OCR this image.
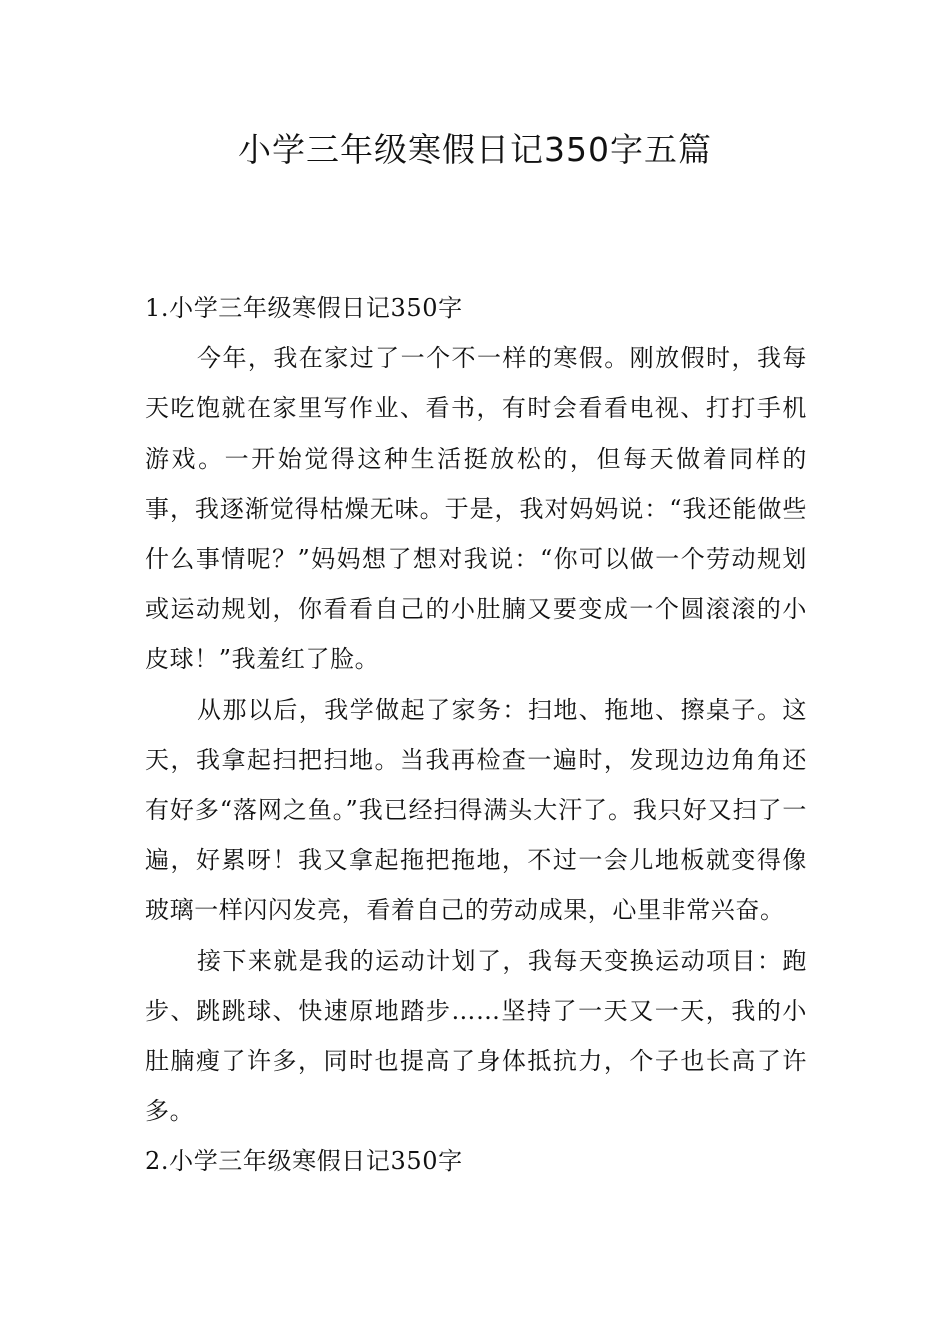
小学三年级寒假日记350字五篇

1.小学三年级寒假日记350字

今年，我在家过了一个不一样的寒假。刚放假时，我每天吃饱就在家里写作业、看书，有时会看看电视、打打手机游戏。一开始觉得这种生活挺放松的，但每天做着同样的事，我逐渐觉得枯燥无味。于是，我对妈妈说：“我还能做些什么事情呢？”妈妈想了想对我说：“你可以做一个劳动规划或运动规划，你看看自己的小肚腩又要变成一个圆滚滚的小皮球！”我羞红了脸。

从那以后，我学做起了家务：扫地、拖地、擦桌子。这天，我拿起扫把扫地。当我再检查一遍时，发现边边角角还有好多“落网之鱼。”我已经扫得满头大汗了。我只好又扫了一遍，好累呀！我又拿起拖把拖地，不过一会儿地板就变得像玻璃一样闪闪发亮，看着自己的劳动成果，心里非常兴奋。

接下来就是我的运动计划了，我每天变换运动项目：跑步、跳跳球、快速原地踏步……坚持了一天又一天，我的小肚腩瘦了许多，同时也提高了身体抵抗力，个子也长高了许多。

2.小学三年级寒假日记350字
